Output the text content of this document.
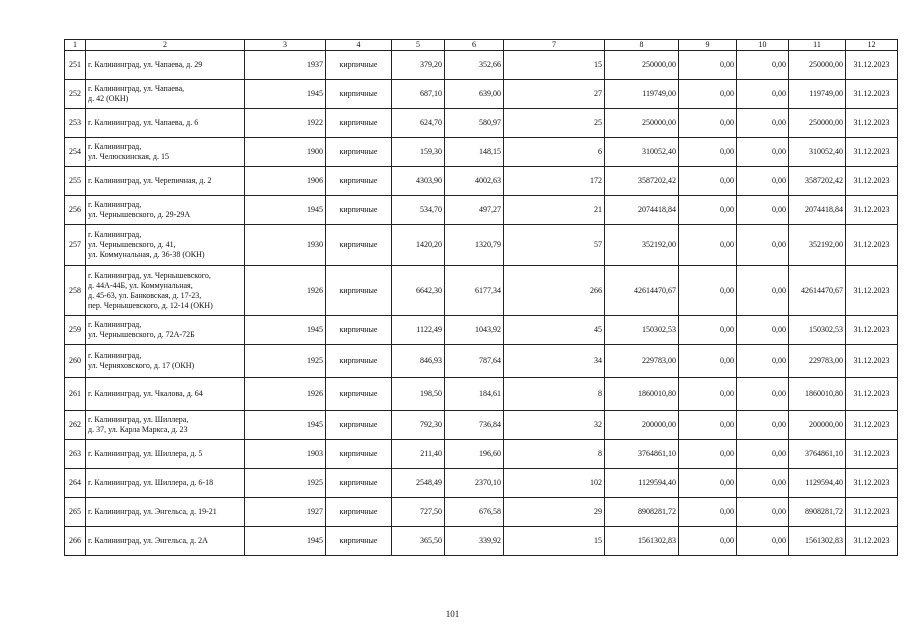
1	2	3	4	5	6	7	8	9	10	11	12
251	г. Калининград, ул. Чапаева, д. 29	1937	кирпичные	379,20	352,66	15	250000,00	0,00	0,00	250000,00	31.12.2023
252	г. Калининград, ул. Чапаева,
д. 42 (ОКН)	1945	кирпичные	687,10	639,00	27	119749,00	0,00	0,00	119749,00	31.12.2023
253	г. Калининград, ул. Чапаева, д. 6	1922	кирпичные	624,70	580,97	25	250000,00	0,00	0,00	250000,00	31.12.2023
254	г. Калининград,
ул. Челюскинская, д. 15	1900	кирпичные	159,30	148,15	6	310052,40	0,00	0,00	310052,40	31.12.2023
255	г. Калининград, ул. Черепичная, д. 2	1906	кирпичные	4303,90	4002,63	172	3587202,42	0,00	0,00	3587202,42	31.12.2023
256	г. Калининград,
ул. Чернышевского, д. 29-29А	1945	кирпичные	534,70	497,27	21	2074418,84	0,00	0,00	2074418,84	31.12.2023
257	г. Калининград,
ул. Чернышевского, д. 41,
ул. Коммунальная, д. 36-38 (ОКН)	1930	кирпичные	1420,20	1320,79	57	352192,00	0,00	0,00	352192,00	31.12.2023
258	г. Калининград, ул. Чернышевского,
д. 44А-44Б, ул. Коммунальная,
д. 45-63, ул. Банковская, д. 17-23,
пер. Чернышевского, д. 12-14 (ОКН)	1926	кирпичные	6642,30	6177,34	266	42614470,67	0,00	0,00	42614470,67	31.12.2023
259	г. Калининград,
ул. Чернышевского, д. 72А-72Б	1945	кирпичные	1122,49	1043,92	45	150302,53	0,00	0,00	150302,53	31.12.2023
260	г. Калининград,
ул. Черняховского, д. 17 (ОКН)	1925	кирпичные	846,93	787,64	34	229783,00	0,00	0,00	229783,00	31.12.2023
261	г. Калининград, ул. Чкалова, д. 64	1926	кирпичные	198,50	184,61	8	1860010,80	0,00	0,00	1860010,80	31.12.2023
262	г. Калининград, ул. Шиллера,
д. 37, ул. Карла Маркса, д. 23	1945	кирпичные	792,30	736,84	32	200000,00	0,00	0,00	200000,00	31.12.2023
263	г. Калининград, ул. Шиллера, д. 5	1903	кирпичные	211,40	196,60	8	3764861,10	0,00	0,00	3764861,10	31.12.2023
264	г. Калининград, ул. Шиллера, д. 6-18	1925	кирпичные	2548,49	2370,10	102	1129594,40	0,00	0,00	1129594,40	31.12.2023
265	г. Калининград, ул. Энгельса, д. 19-21	1927	кирпичные	727,50	676,58	29	8908281,72	0,00	0,00	8908281,72	31.12.2023
266	г. Калининград, ул. Энгельса, д. 2А	1945	кирпичные	365,50	339,92	15	1561302,83	0,00	0,00	1561302,83	31.12.2023
101
